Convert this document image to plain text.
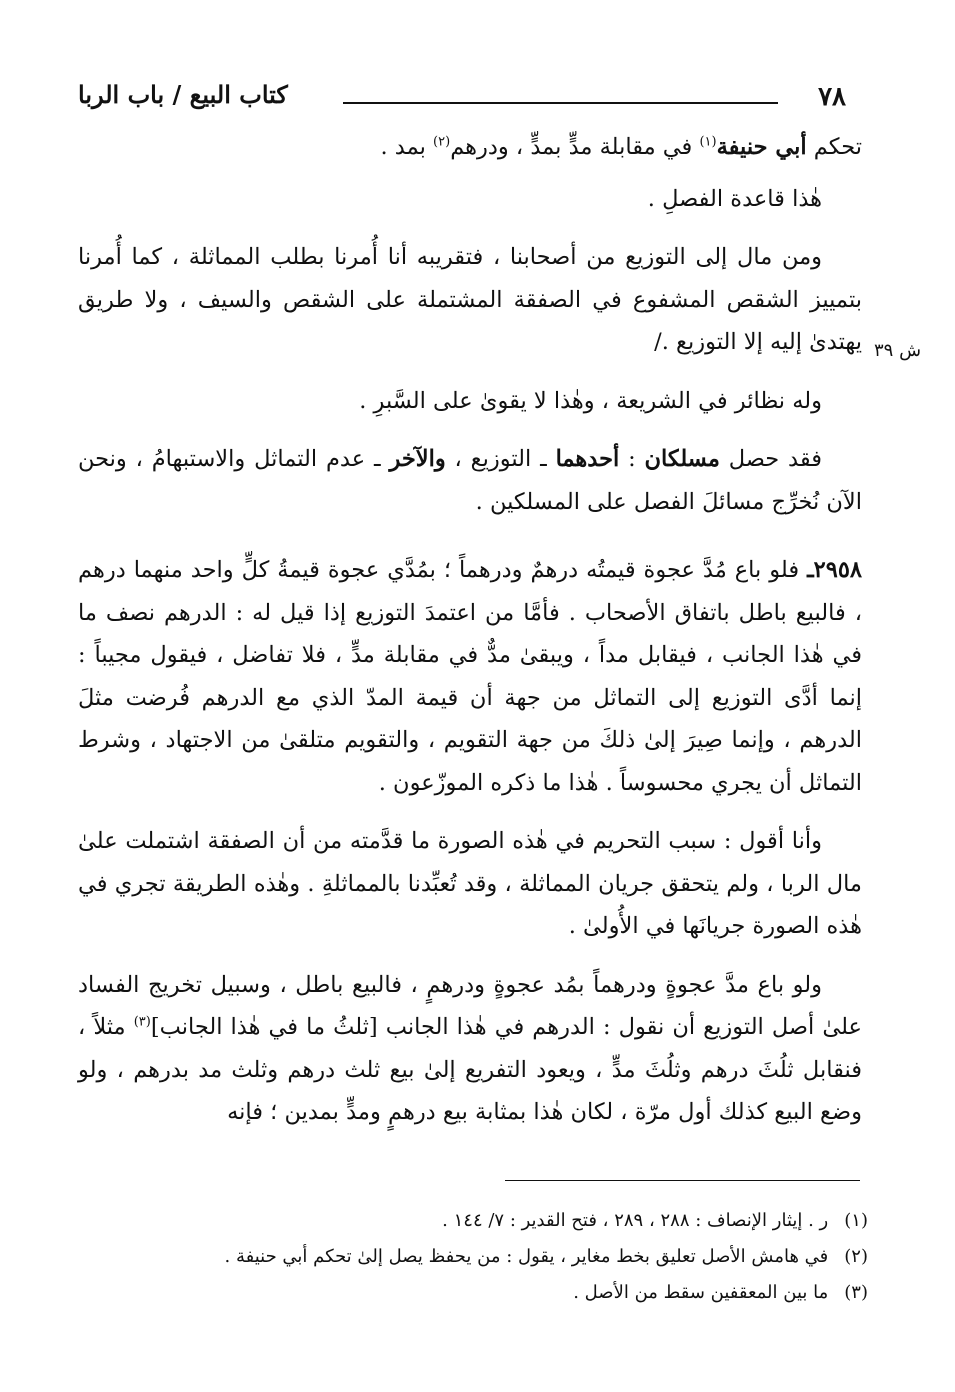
٧٨
كتاب البيع / باب الربا
ش ٣٩

تحكم أبي حنيفة$^{(١)}$ في مقابلة مدٍّ بمدٍّ ، ودرهم$^{(٢)}$ بمد .

هٰذا قاعدة الفصلِ .

ومن مال إلى التوزيع من أصحابنا ، فتقريبه أنا أُمرنا بطلب المماثلة ، كما أُمرنا بتمييز الشقص المشفوع في الصفقة المشتملة على الشقص والسيف ، ولا طريق يهتدىٰ إليه إلا التوزيع ./

وله نظائر في الشريعة ، وهٰذا لا يقوىٰ على السَّبرِ .

فقد حصل مسلكان : أحدهما ـ التوزيع ، والآخر ـ عدم التماثل والاستبهامُ ، ونحن الآن نُخرِّج مسائلَ الفصل على المسلكين .

٢٩٥٨ـ فلو باع مُدَّ عجوة قيمتُه درهمٌ ودرهماً ؛ بمُدَّي عجوة قيمةُ كلٍّ واحد منهما درهم ، فالبيع باطل باتفاق الأصحاب . فأمَّا من اعتمدَ التوزيع إذا قيل له : الدرهم نصف ما في هٰذا الجانب ، فيقابل مداً ، ويبقىٰ مدٌّ في مقابلة مدٍّ ، فلا تفاضل ، فيقول مجيباً : إنما أدَّى التوزيع إلى التماثل من جهة أن قيمة المدّ الذي مع الدرهم فُرضت مثلَ الدرهم ، وإنما صِيرَ إلىٰ ذلكَ من جهة التقويم ، والتقويم متلقىٰ من الاجتهاد ، وشرط التماثل أن يجري محسوساً . هٰذا ما ذكره الموزّعون .

وأنا أقول : سبب التحريم في هٰذه الصورة ما قدَّمته من أن الصفقة اشتملت علىٰ مال الربا ، ولم يتحقق جريان المماثلة ، وقد تُعبِّدنا بالمماثلةِ . وهٰذه الطريقة تجري في هٰذه الصورة جريانَها في الأُولىٰ .

ولو باع مدَّ عجوةٍ ودرهماً بمُد عجوةٍ ودرهمٍ ، فالبيع باطل ، وسبيل تخريج الفساد علىٰ أصل التوزيع أن نقول : الدرهم في هٰذا الجانب [ثلثُ ما في هٰذا الجانب]$^{(٣)}$ مثلاً ، فنقابل ثلُثَ درهم وثلُثَ مدٍّ ، ويعود التفريع إلىٰ بيع ثلث درهم وثلث مد بدرهم ، ولو وضع البيع كذلك أول مرّة ، لكان هٰذا بمثابة بيع درهمٍ ومدٍّ بمدين ؛ فإنه

(١)ر . إيثار الإنصاف : ٢٨٨ ، ٢٨٩ ، فتح القدير : ٧/ ١٤٤ .

(٢)في هامش الأصل تعليق بخط مغاير ، يقول : من يحفظ يصل إلىٰ تحكم أبي حنيفة .

(٣)ما بين المعقفين سقط من الأصل .
